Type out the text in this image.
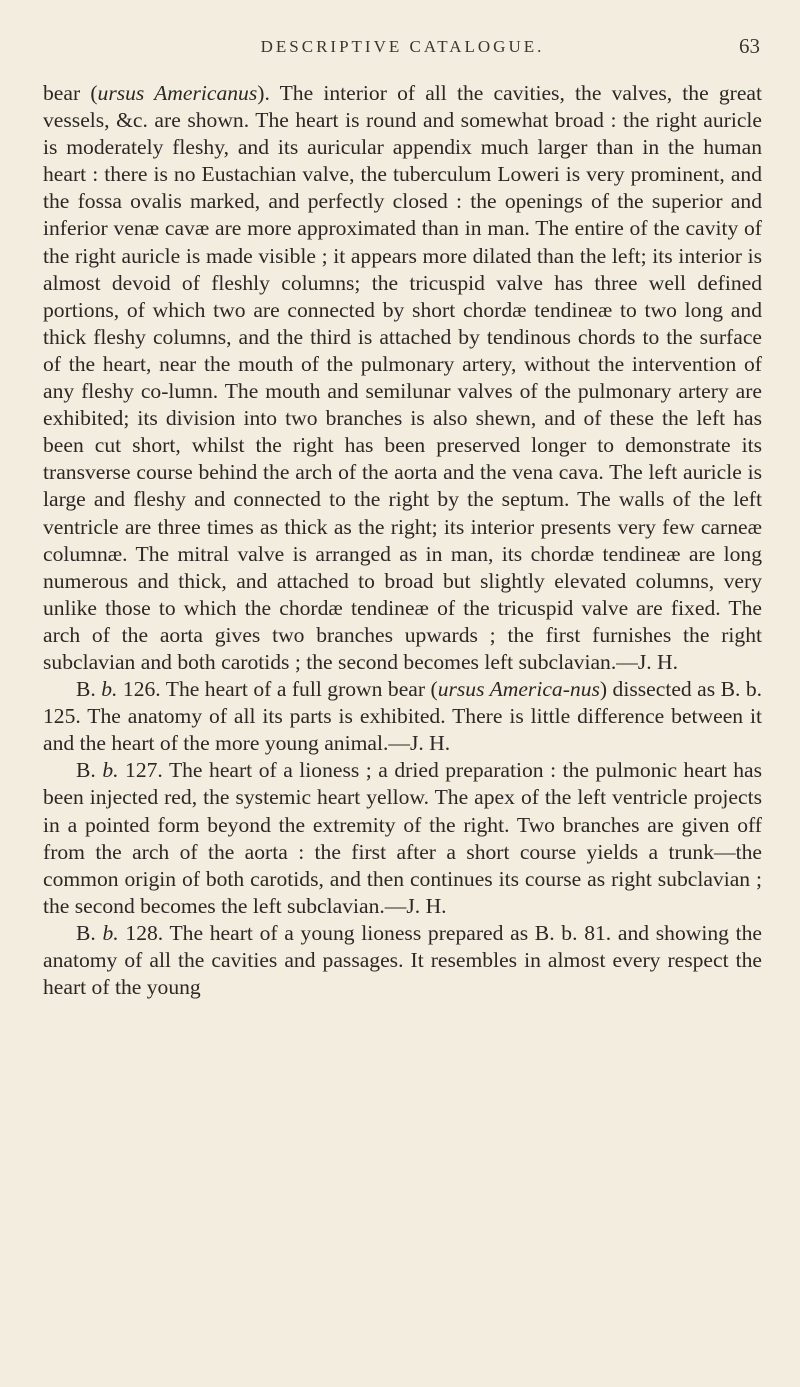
DESCRIPTIVE CATALOGUE.	63

bear (ursus Americanus). The interior of all the cavities, the valves, the great vessels, &c. are shown. The heart is round and somewhat broad : the right auricle is moderately fleshy, and its auricular appendix much larger than in the human heart : there is no Eustachian valve, the tuberculum Loweri is very prominent, and the fossa ovalis marked, and perfectly closed : the openings of the superior and inferior venæ cavæ are more approximated than in man. The entire of the cavity of the right auricle is made visible ; it appears more dilated than the left; its interior is almost devoid of fleshly columns; the tricuspid valve has three well defined portions, of which two are connected by short chordæ tendineæ to two long and thick fleshy columns, and the third is attached by tendinous chords to the surface of the heart, near the mouth of the pulmonary artery, without the intervention of any fleshy co-lumn. The mouth and semilunar valves of the pulmonary artery are exhibited; its division into two branches is also shewn, and of these the left has been cut short, whilst the right has been preserved longer to demonstrate its transverse course behind the arch of the aorta and the vena cava. The left auricle is large and fleshy and connected to the right by the septum. The walls of the left ventricle are three times as thick as the right; its interior presents very few carneæ columnæ. The mitral valve is arranged as in man, its chordæ tendineæ are long numerous and thick, and attached to broad but slightly elevated columns, very unlike those to which the chordæ tendineæ of the tricuspid valve are fixed. The arch of the aorta gives two branches upwards ; the first furnishes the right subclavian and both carotids ; the second becomes left subclavian.—J. H.

B. b. 126. The heart of a full grown bear (ursus America-nus) dissected as B. b. 125. The anatomy of all its parts is exhibited. There is little difference between it and the heart of the more young animal.—J. H.

B. b. 127. The heart of a lioness ; a dried preparation : the pulmonic heart has been injected red, the systemic heart yellow. The apex of the left ventricle projects in a pointed form beyond the extremity of the right. Two branches are given off from the arch of the aorta : the first after a short course yields a trunk—the common origin of both carotids, and then continues its course as right subclavian ; the second becomes the left subclavian.—J. H.

B. b. 128. The heart of a young lioness prepared as B. b. 81. and showing the anatomy of all the cavities and passages. It resembles in almost every respect the heart of the young
